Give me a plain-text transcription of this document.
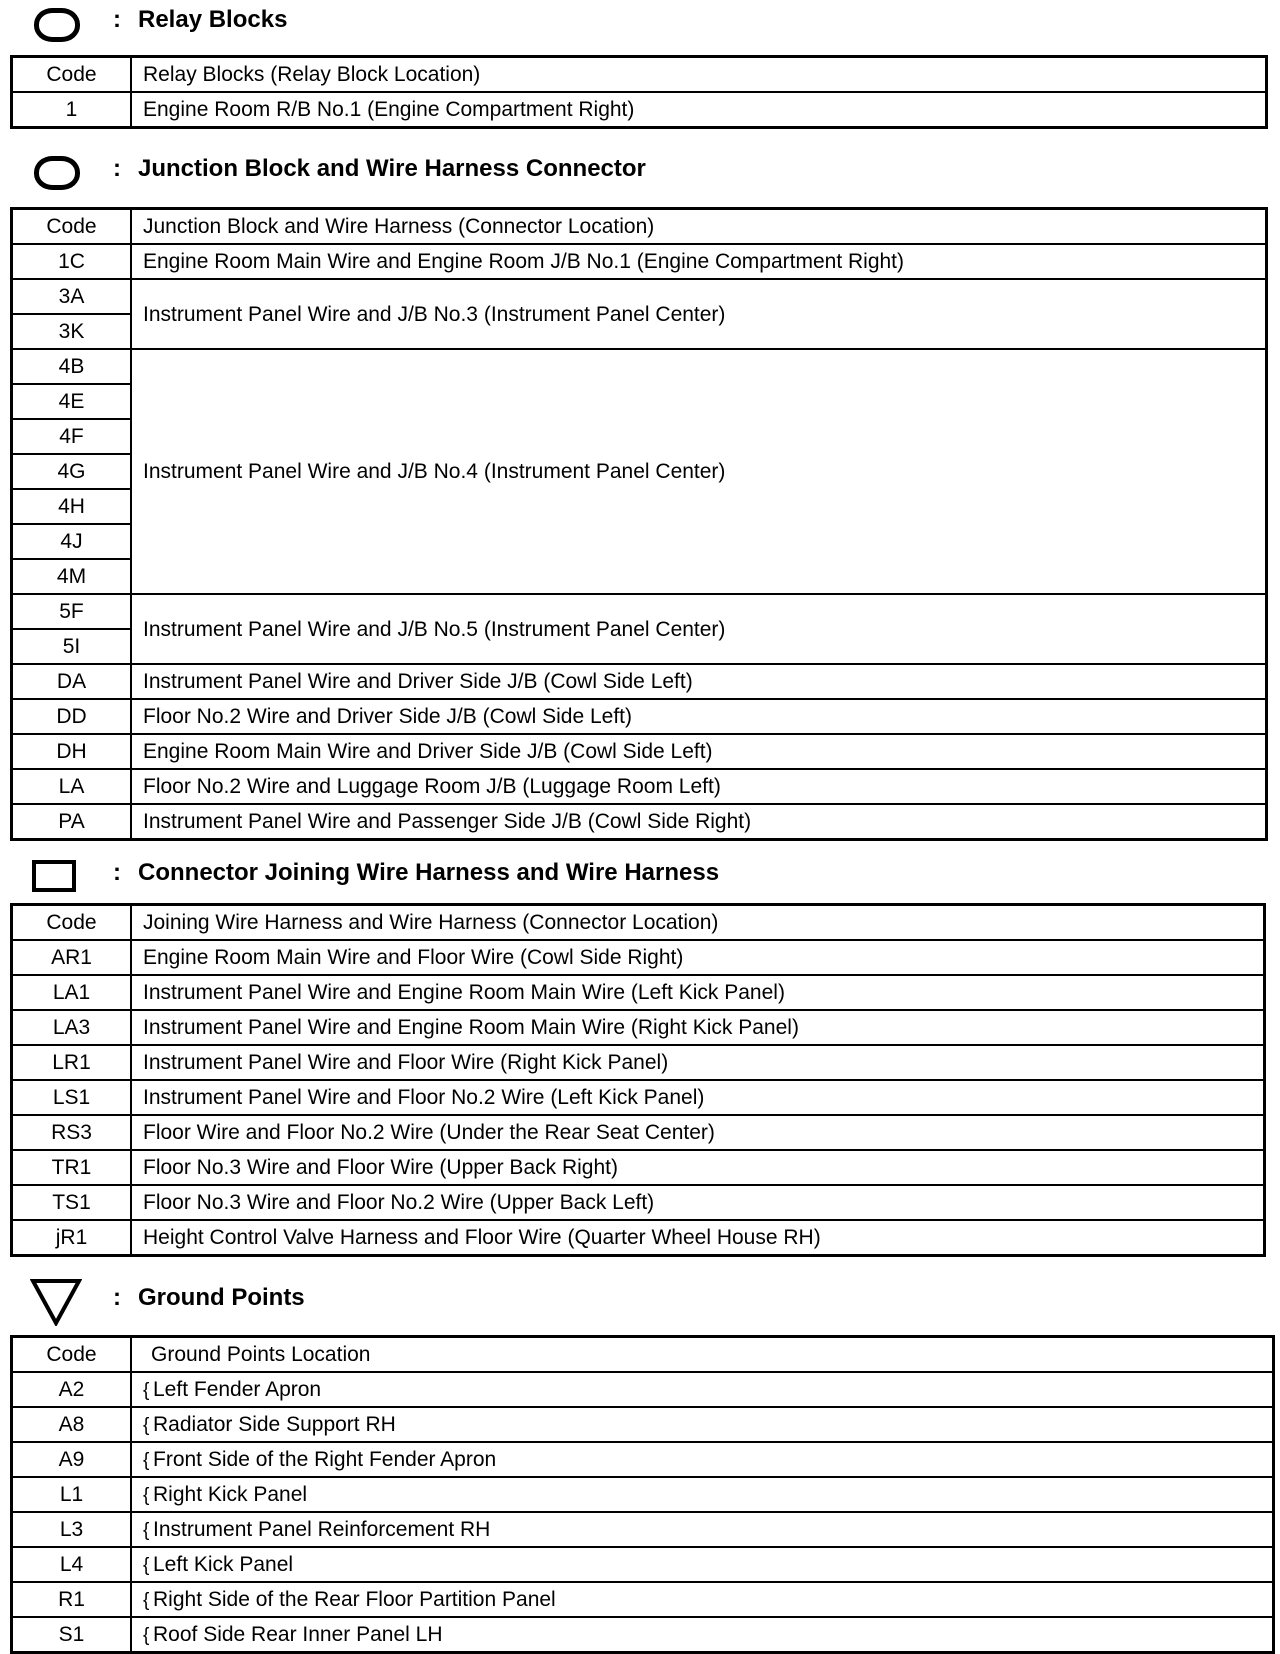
: Relay Blocks
Code	Relay Blocks (Relay Block Location)
1	Engine Room R/B No.1 (Engine Compartment Right)
: Junction Block and Wire Harness Connector
Code	Junction Block and Wire Harness (Connector Location)
1C	Engine Room Main Wire and Engine Room J/B No.1 (Engine Compartment Right)
3A	Instrument Panel Wire and J/B No.3 (Instrument Panel Center)
3K	
4B	Instrument Panel Wire and J/B No.4 (Instrument Panel Center)
4E	
4F	
4G	
4H	
4J	
4M	
5F	Instrument Panel Wire and J/B No.5 (Instrument Panel Center)
5I	
DA	Instrument Panel Wire and Driver Side J/B (Cowl Side Left)
DD	Floor No.2 Wire and Driver Side J/B (Cowl Side Left)
DH	Engine Room Main Wire and Driver Side J/B (Cowl Side Left)
LA	Floor No.2 Wire and Luggage Room J/B (Luggage Room Left)
PA	Instrument Panel Wire and Passenger Side J/B (Cowl Side Right)
: Connector Joining Wire Harness and Wire Harness
Code	Joining Wire Harness and Wire Harness (Connector Location)
AR1	Engine Room Main Wire and Floor Wire (Cowl Side Right)
LA1	Instrument Panel Wire and Engine Room Main Wire (Left Kick Panel)
LA3	Instrument Panel Wire and Engine Room Main Wire (Right Kick Panel)
LR1	Instrument Panel Wire and Floor Wire (Right Kick Panel)
LS1	Instrument Panel Wire and Floor No.2 Wire (Left Kick Panel)
RS3	Floor Wire and Floor No.2 Wire (Under the Rear Seat Center)
TR1	Floor No.3 Wire and Floor Wire (Upper Back Right)
TS1	Floor No.3 Wire and Floor No.2 Wire (Upper Back Left)
jR1	Height Control Valve Harness and Floor Wire (Quarter Wheel House RH)
: Ground Points
Code	Ground Points Location
A2	{ Left Fender Apron
A8	{ Radiator Side Support RH
A9	{ Front Side of the Right Fender Apron
L1	{ Right Kick Panel
L3	{ Instrument Panel Reinforcement RH
L4	{ Left Kick Panel
R1	{ Right Side of the Rear Floor Partition Panel
S1	{ Roof Side Rear Inner Panel LH
